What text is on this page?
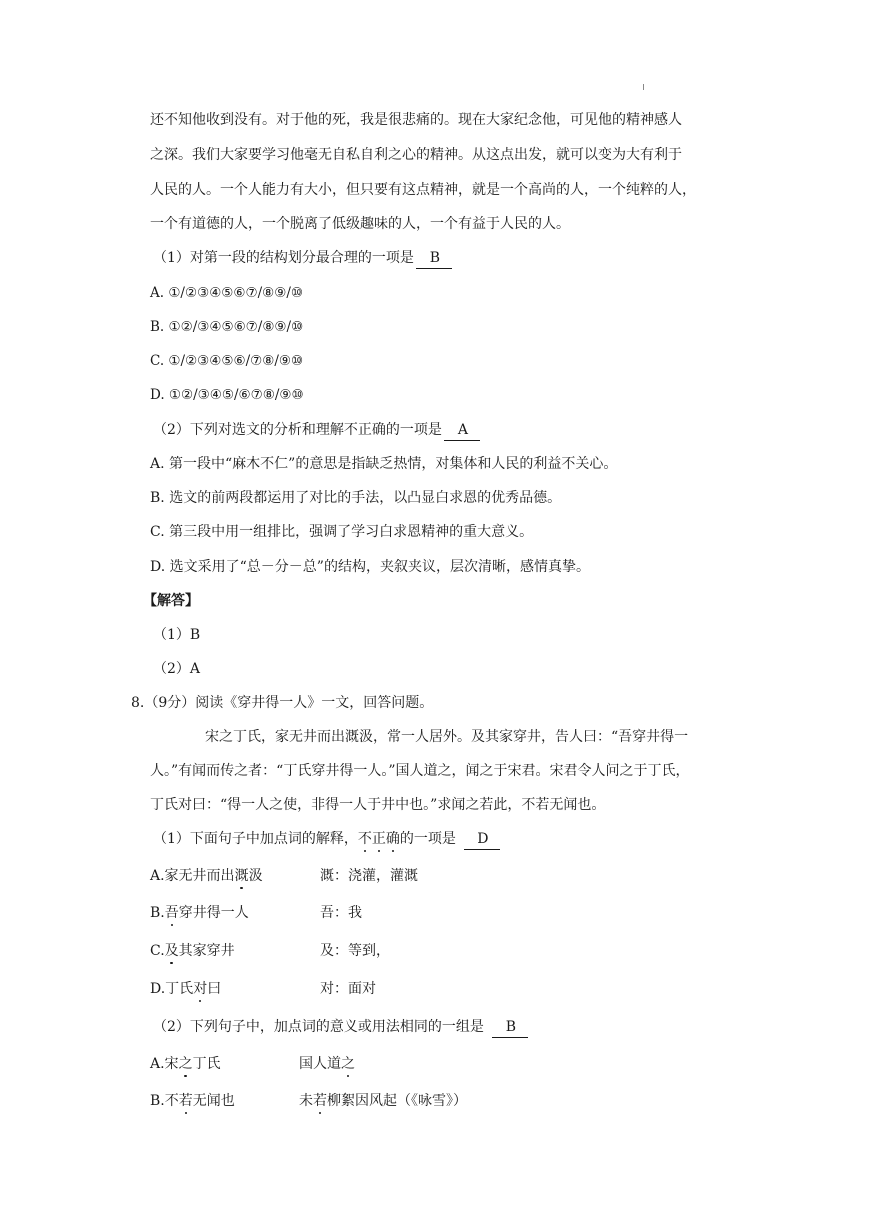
还不知他收到没有。对于他的死，我是很悲痛的。现在大家纪念他，可见他的精神感人
之深。我们大家要学习他毫无自私自利之心的精神。从这点出发，就可以变为大有利于
人民的人。一个人能力有大小，但只要有这点精神，就是一个高尚的人，一个纯粹的人，
一个有道德的人，一个脱离了低级趣味的人，一个有益于人民的人。
（1）对第一段的结构划分最合理的一项是 B
A. ①/②③④⑤⑥⑦/⑧⑨/⑩
B. ①②/③④⑤⑥⑦/⑧⑨/⑩
C. ①/②③④⑤⑥/⑦⑧/⑨⑩
D. ①②/③④⑤/⑥⑦⑧/⑨⑩
（2）下列对选文的分析和理解不正确的一项是 A
A. 第一段中“麻木不仁”的意思是指缺乏热情，对集体和人民的利益不关心。
B. 选文的前两段都运用了对比的手法，以凸显白求恩的优秀品德。
C. 第三段中用一组排比，强调了学习白求恩精神的重大意义。
D. 选文采用了“总－分－总”的结构，夹叙夹议，层次清晰，感情真挚。
【解答】
（1）B
（2）A
8.（9分）阅读《穿井得一人》一文，回答问题。
宋之丁氏，家无井而出溉汲，常一人居外。及其家穿井，告人曰：“吾穿井得一
人。”有闻而传之者：“丁氏穿井得一人。”国人道之，闻之于宋君。宋君令人问之于丁氏，
丁氏对曰：“得一人之使，非得一人于井中也。”求闻之若此，不若无闻也。
（1）下面句子中加点词的解释，不正确的一项是 D
A.家无井而出溉汲	溉：浇灌，灌溉
B.吾穿井得一人	吾：我
C.及其家穿井	及：等到，
D.丁氏对曰	对：面对
（2）下列句子中，加点词的意义或用法相同的一组是 B
A.宋之丁氏	国人道之
B.不若无闻也	未若柳絮因风起（《咏雪》）
